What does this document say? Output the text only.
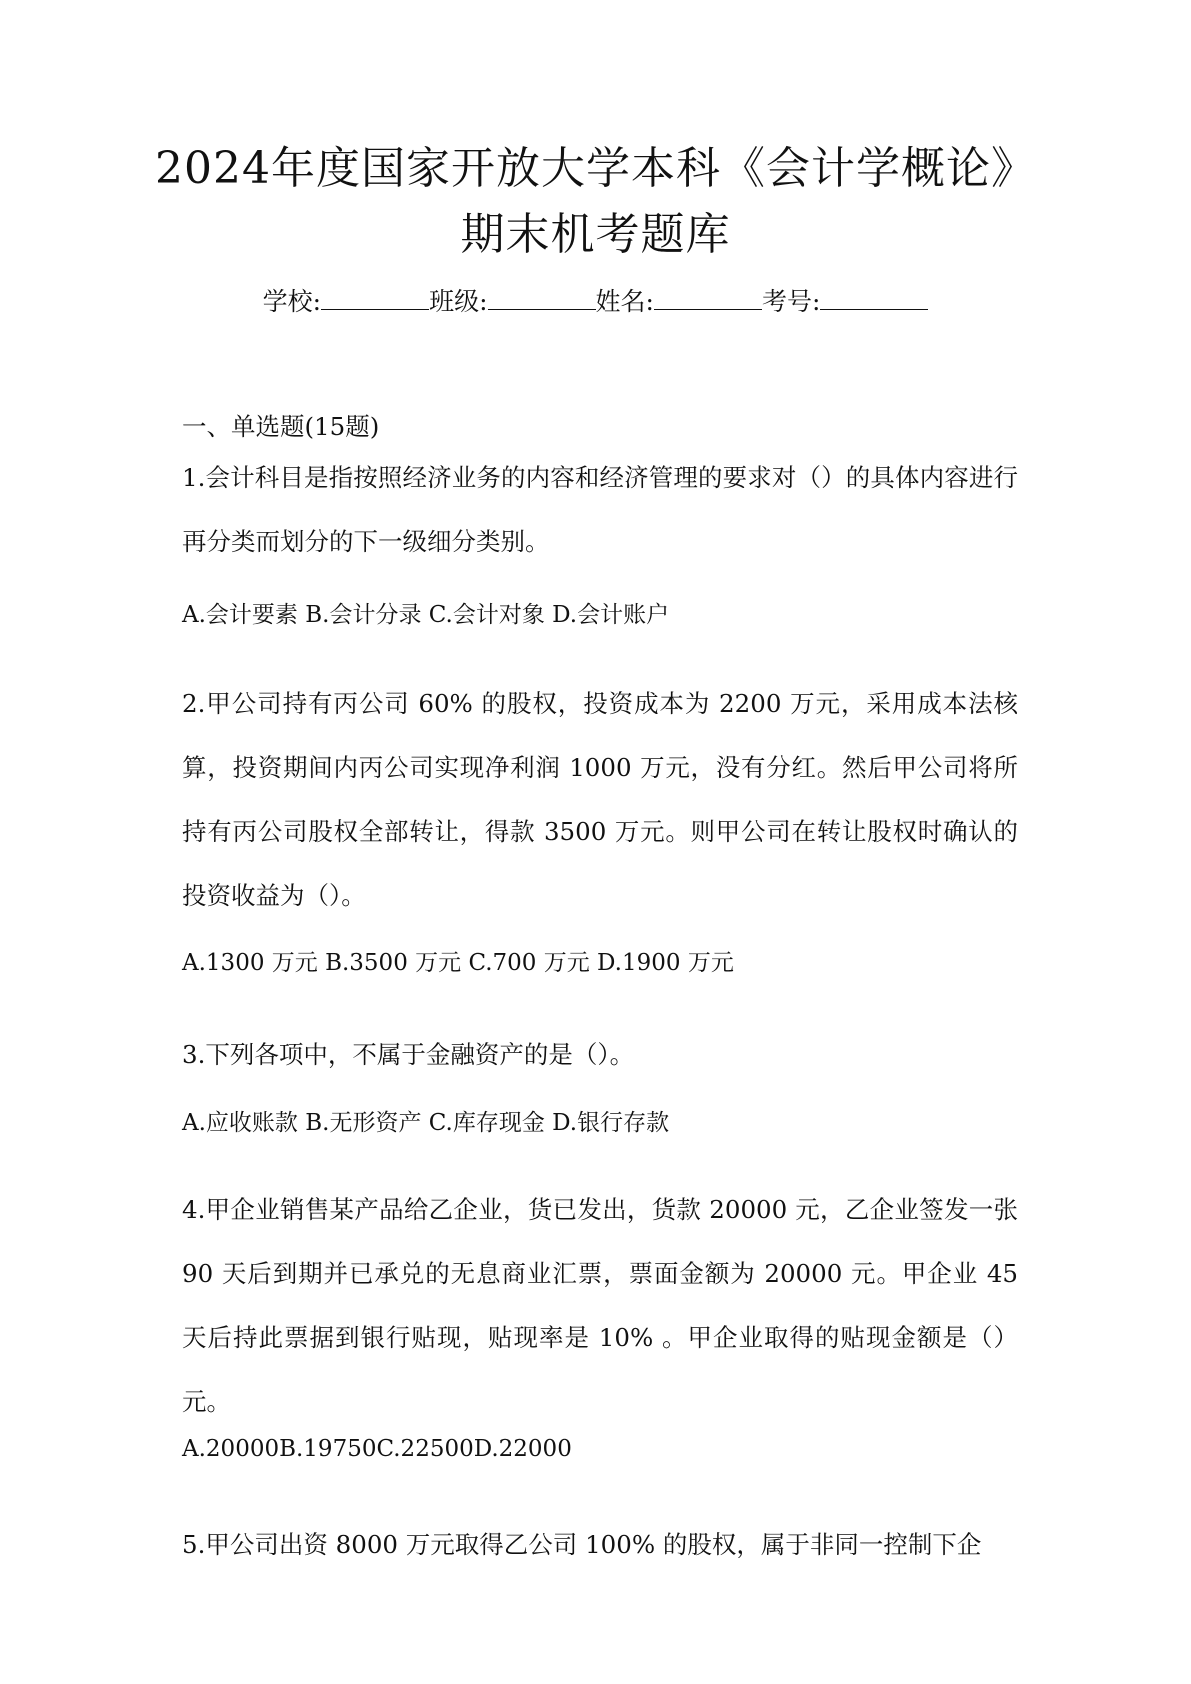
2024年度国家开放大学本科《会计学概论》
期末机考题库
学校:	班级:	姓名:	考号:
一、单选题(15题)
1.会计科目是指按照经济业务的内容和经济管理的要求对（）的具体内容进行再分类而划分的下一级细分类别。
A.会计要素 B.会计分录 C.会计对象 D.会计账户
2.甲公司持有丙公司 60% 的股权，投资成本为 2200 万元，采用成本法核算，投资期间内丙公司实现净利润 1000 万元，没有分红。然后甲公司将所持有丙公司股权全部转让，得款 3500 万元。则甲公司在转让股权时确认的投资收益为（）。
A.1300 万元 B.3500 万元 C.700 万元 D.1900 万元
3.下列各项中，不属于金融资产的是（）。
A.应收账款 B.无形资产 C.库存现金 D.银行存款
4.甲企业销售某产品给乙企业，货已发出，货款 20000 元，乙企业签发一张 90 天后到期并已承兑的无息商业汇票，票面金额为 20000 元。甲企业 45 天后持此票据到银行贴现，贴现率是 10% 。甲企业取得的贴现金额是（）元。
A.20000B.19750C.22500D.22000
5.甲公司出资 8000 万元取得乙公司 100% 的股权，属于非同一控制下企
